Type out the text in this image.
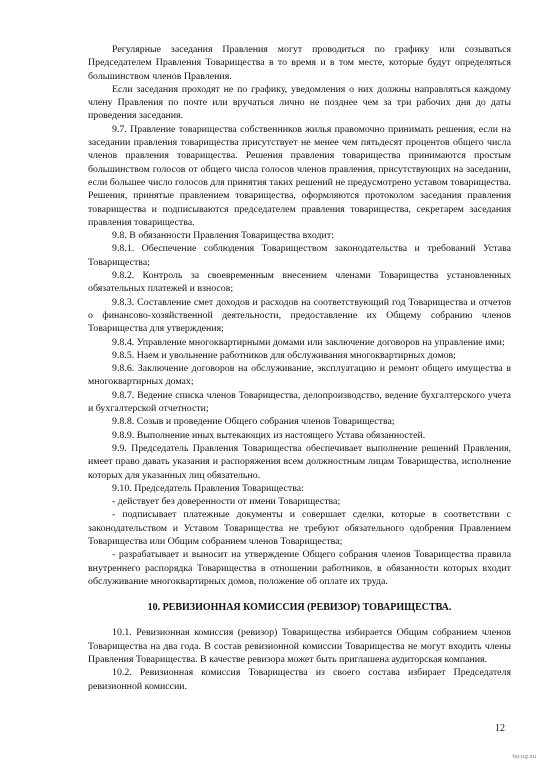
Регулярные заседания Правления могут проводиться по графику или созываться Председателем Правления Товарищества в то время и в том месте, которые будут определяться большинством членов Правления.

Если заседания проходят не по графику, уведомления о них должны направляться каждому члену Правления по почте или вручаться лично не позднее чем за три рабочих дня до даты проведения заседания.

9.7. Правление товарищества собственников жилья правомочно принимать решения, если на заседании правления товарищества присутствует не менее чем пятьдесят процентов общего числа членов правления товарищества. Решения правления товарищества принимаются простым большинством голосов от общего числа голосов членов правления, присутствующих на заседании, если большее число голосов для принятия таких решений не предусмотрено уставом товарищества. Решения, принятые правлением товарищества, оформляются протоколом заседания правления товарищества и подписываются председателем правления товарищества, секретарем заседания правления товарищества.

9.8. В обязанности Правления Товарищества входит:

9.8.1. Обеспечение соблюдения Товариществом законодательства и требований Устава Товарищества;

9.8.2. Контроль за своевременным внесением членами Товарищества установленных обязательных платежей и взносов;

9.8.3. Составление смет доходов и расходов на соответствующий год Товарищества и отчетов о финансово-хозяйственной деятельности, предоставление их Общему собранию членов Товарищества для утверждения;

9.8.4. Управление многоквартирными домами или заключение договоров на управление ими;

9.8.5. Наем и увольнение работников для обслуживания многоквартирных домов;

9.8.6. Заключение договоров на обслуживание, эксплуатацию и ремонт общего имущества в многоквартирных домах;

9.8.7. Ведение списка членов Товарищества, делопроизводство, ведение бухгалтерского учета и бухгалтерской отчетности;

9.8.8. Созыв и проведение Общего собрания членов Товарищества;

9.8.9. Выполнение иных вытекающих из настоящего Устава обязанностей.

9.9. Председатель Правления Товарищества обеспечивает выполнение решений Правления, имеет право давать указания и распоряжения всем должностным лицам Товарищества, исполнение которых для указанных лиц обязательно.

9.10. Председатель Правления Товарищества:

- действует без доверенности от имени Товарищества;

- подписывает платежные документы и совершает сделки, которые в соответствии с законодательством и Уставом Товарищества не требуют обязательного одобрения Правлением Товарищества или Общим собранием членов Товарищества;

- разрабатывает и выносит на утверждение Общего собрания членов Товарищества правила внутреннего распорядка Товарищества в отношении работников, в обязанности которых входит обслуживание многоквартирных домов, положение об оплате их труда.

10. РЕВИЗИОННАЯ КОМИССИЯ (РЕВИЗОР) ТОВАРИЩЕСТВА.

10.1. Ревизионная комиссия (ревизор) Товарищества избирается Общим собранием членов Товарищества на два года. В состав ревизионной комиссии Товарищества не могут входить члены Правления Товарищества. В качестве ревизора может быть приглашена аудиторская компания.

10.2. Ревизионная комиссия Товарищества из своего состава избирает Председателя ревизионной комиссии.

12
tsj-ug.su
